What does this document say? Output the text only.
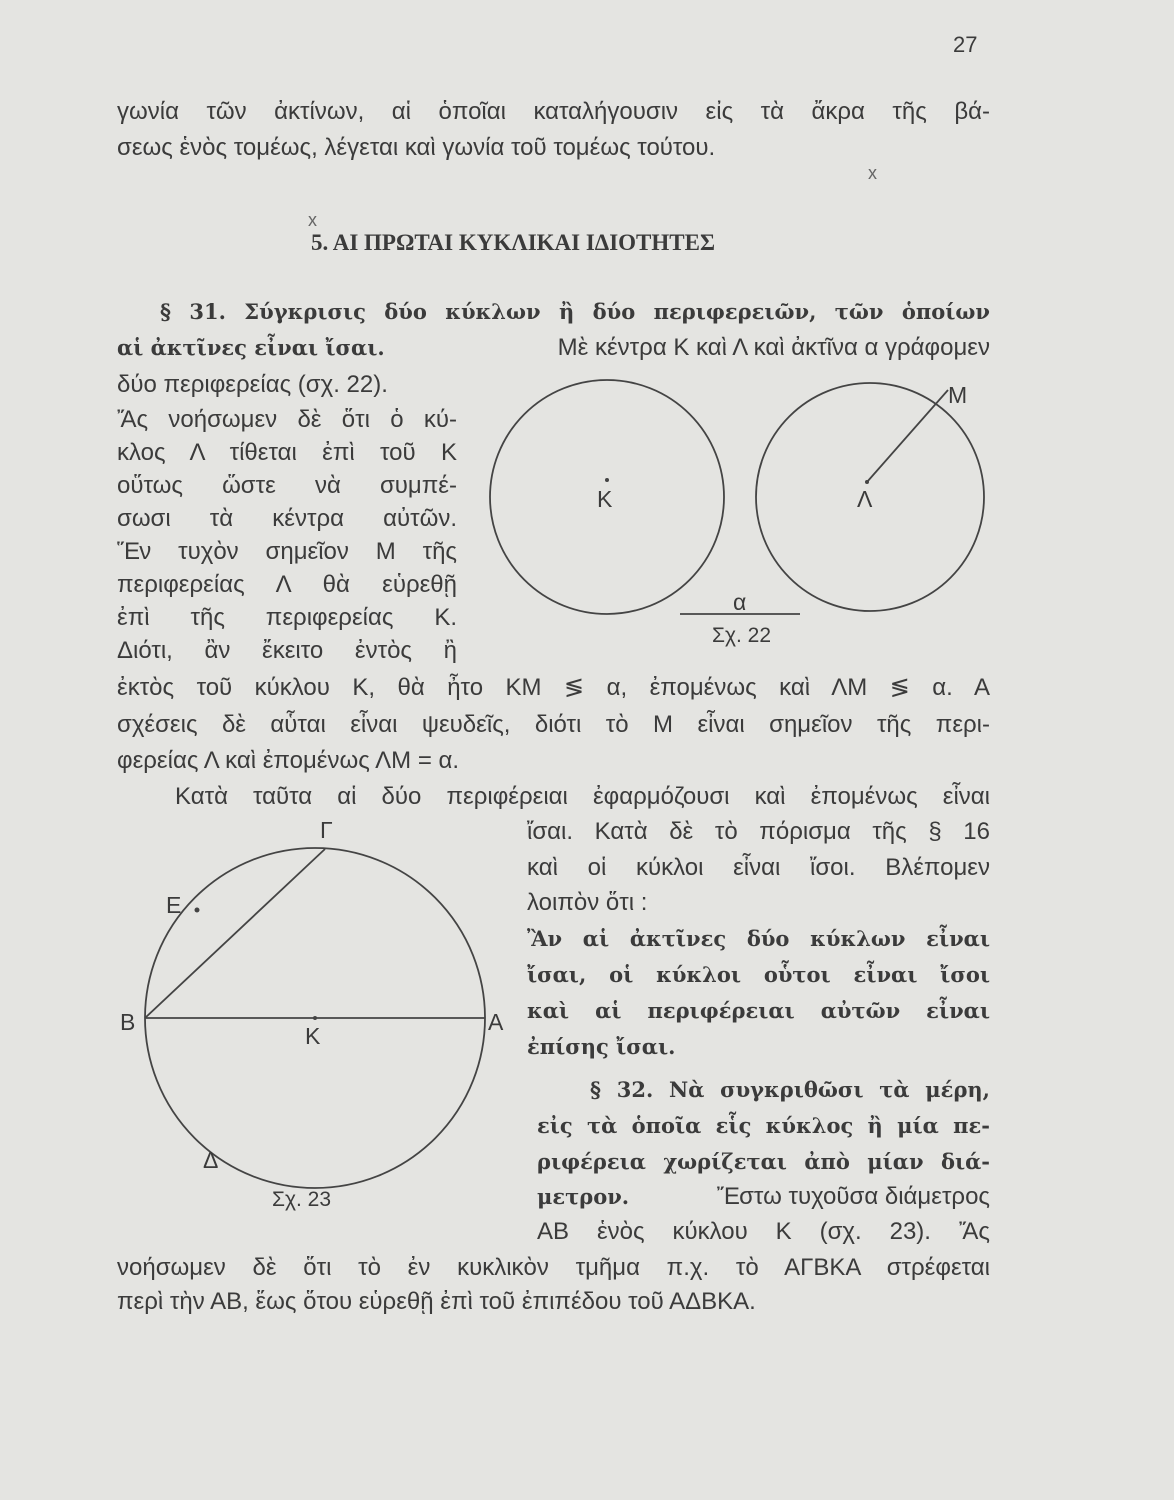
27
γωνία τῶν ἀκτίνων, αἱ ὁποῖαι καταλήγουσιν εἰς τὰ ἄκρα τῆς βά-
σεως ἑνὸς τομέως, λέγεται καὶ γωνία τοῦ τομέως τούτου.
x
x
5. ΑΙ ΠΡΩΤΑΙ ΚΥΚΛΙΚΑΙ ΙΔΙΟΤΗΤΕΣ
§ 31. Σύγκρισις δύο κύκλων ἢ δύο περιφερειῶν, τῶν ὁποίων
αἱ ἀκτῖνες εἶναι ἴσαι.	Μὲ κέντρα Κ καὶ Λ καὶ ἀκτῖνα α γράφομεν
δύο περιφερείας (σχ. 22).
Ἄς νοήσωμεν δὲ ὅτι ὁ κύ-
κλος Λ τίθεται ἐπὶ τοῦ Κ
οὕτως ὥστε νὰ συμπέ-
σωσι τὰ κέντρα αὐτῶν.
Ἕν τυχὸν σημεῖον Μ τῆς
περιφερείας Λ θὰ εὑρεθῇ
ἐπὶ τῆς περιφερείας Κ.
Διότι, ἂν ἔκειτο ἐντὸς ἢ
ἐκτὸς τοῦ κύκλου Κ, θὰ ἦτο ΚΜ ≶ α, ἐπομένως καὶ ΛΜ ≶ α. Α
σχέσεις δὲ αὗται εἶναι ψευδεῖς, διότι τὸ Μ εἶναι σημεῖον τῆς περι-
φερείας Λ καὶ ἐπομένως ΛΜ = α.
Κατὰ ταῦτα αἱ δύο περιφέρειαι ἐφαρμόζουσι καὶ ἐπομένως εἶναι
ἴσαι. Κατὰ δὲ τὸ πόρισμα τῆς § 16
καὶ οἱ κύκλοι εἶναι ἴσοι. Βλέπομεν
λοιπὸν ὅτι :
Ἂν αἱ ἀκτῖνες δύο κύκλων εἶναι
ἴσαι, οἱ κύκλοι οὗτοι εἶναι ἴσοι
καὶ αἱ περιφέρειαι αὐτῶν εἶναι
ἐπίσης ἴσαι.
§ 32. Νὰ συγκριθῶσι τὰ μέρη,
εἰς τὰ ὁποῖα εἷς κύκλος ἢ μία πε-
ριφέρεια χωρίζεται ἀπὸ μίαν διά-
μετρον.	Ἔστω τυχοῦσα διάμετρος
ΑΒ ἑνὸς κύκλου Κ (σχ. 23). Ἄς
νοήσωμεν δὲ ὅτι τὸ ἐν κυκλικὸν τμῆμα π.χ. τὸ ΑΓΒΚΑ στρέφεται
περὶ τὴν ΑΒ, ἕως ὅτου εὑρεθῇ ἐπὶ τοῦ ἐπιπέδου τοῦ ΑΔΒΚΑ.
Κ	Λ
Μ
α
Σχ. 22
Γ
Ε
Β	Α
Κ
Δ
Σχ. 23
